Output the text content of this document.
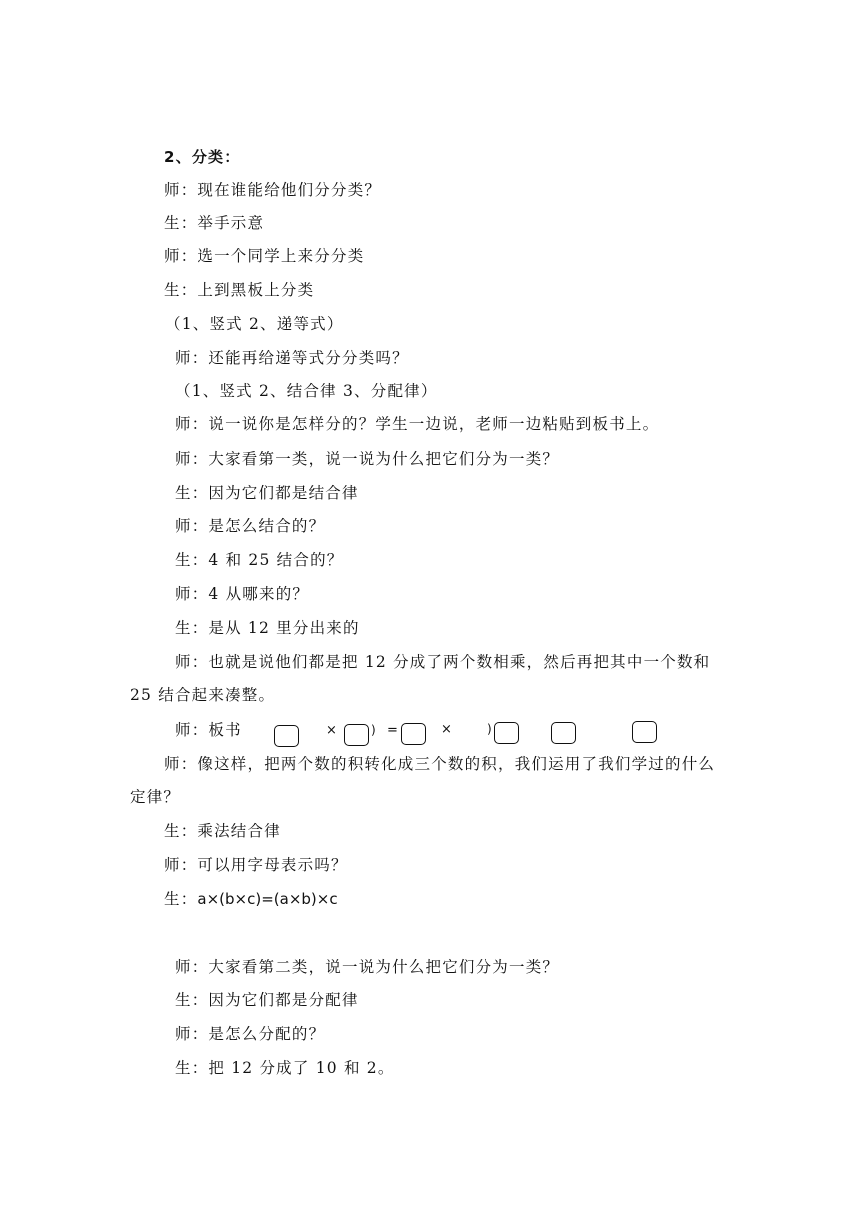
2、分类：
师：现在谁能给他们分分类？
生：举手示意
师：选一个同学上来分分类
生：上到黑板上分类
（1、竖式 2、递等式）
师：还能再给递等式分分类吗？
（1、竖式 2、结合律 3、分配律）
师：说一说你是怎样分的？学生一边说，老师一边粘贴到板书上。
师：大家看第一类，说一说为什么把它们分为一类？
生：因为它们都是结合律
师：是怎么结合的？
生：4 和 25 结合的？
师：4 从哪来的？
生：是从 12 里分出来的
师：也就是说他们都是把 12 分成了两个数相乘，然后再把其中一个数和
25 结合起来凑整。
师：板书	×	) =	×	)
师：像这样，把两个数的积转化成三个数的积，我们运用了我们学过的什么
定律？
生：乘法结合律
师：可以用字母表示吗？
生：a×(b×c)=(a×b)×c
师：大家看第二类，说一说为什么把它们分为一类？
生：因为它们都是分配律
师：是怎么分配的？
生：把 12 分成了 10 和 2。
